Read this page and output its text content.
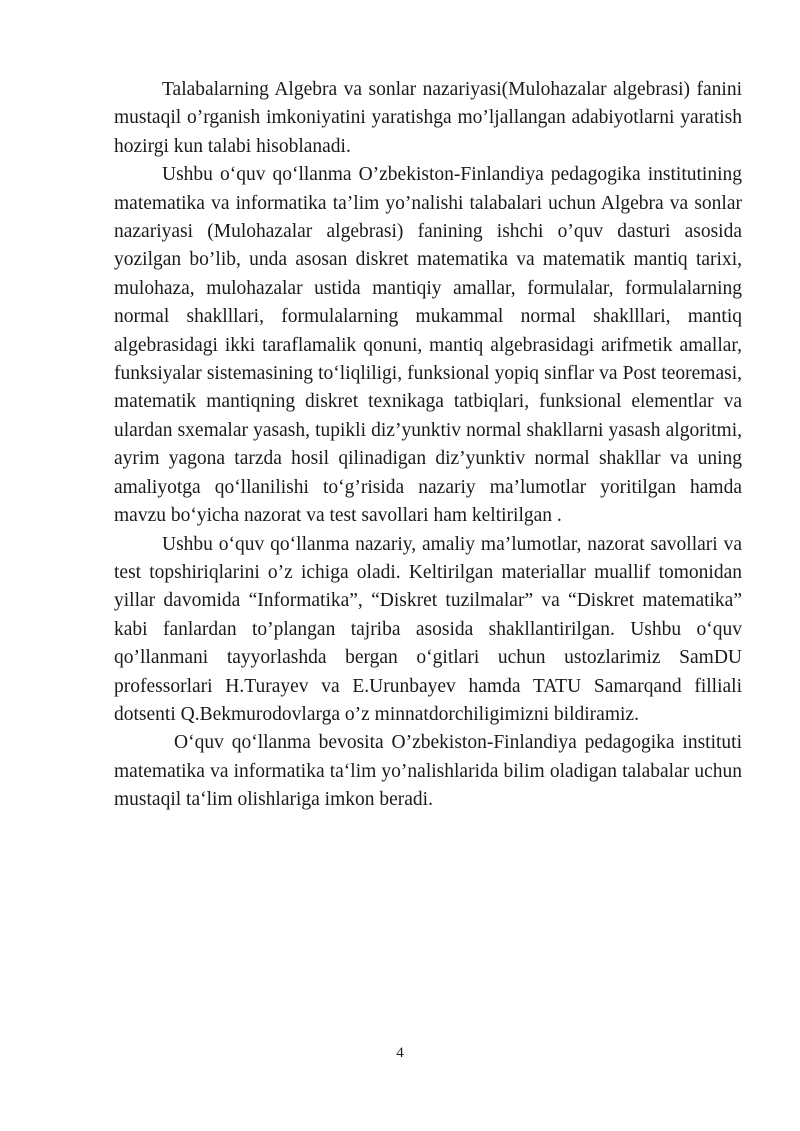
Talabalarning Algebra va sonlar nazariyasi(Mulohazalar algebrasi) fanini mustaqil o’rganish imkoniyatini yaratishga mo’ljallangan adabiyotlarni yaratish hozirgi kun talabi hisoblanadi.

Ushbu o‘quv qo‘llanma O’zbekiston-Finlandiya pedagogika institutining matematika va informatika ta’lim yo’nalishi talabalari uchun Algebra va sonlar nazariyasi (Mulohazalar algebrasi) fanining ishchi o’quv dasturi asosida yozilgan bo’lib, unda asosan diskret matematika va matematik mantiq tarixi, mulohaza, mulohazalar ustida mantiqiy amallar, formulalar, formulalarning normal shaklllari, formulalarning mukammal normal shaklllari, mantiq algebrasidagi ikki taraflamalik qonuni, mantiq algebrasidagi arifmetik amallar, funksiyalar sistemasining to‘liqliligi, funksional yopiq sinflar va Post teoremasi, matematik mantiqning diskret texnikaga tatbiqlari, funksional elementlar va ulardan sxemalar yasash, tupikli diz’yunktiv normal shakllarni yasash algoritmi, ayrim yagona tarzda hosil qilinadigan diz’yunktiv normal shakllar va uning amaliyotga qo‘llanilishi to‘g’risida nazariy ma’lumotlar yoritilgan hamda mavzu bo‘yicha nazorat va test savollari ham keltirilgan .

Ushbu o‘quv qo‘llanma nazariy, amaliy ma’lumotlar, nazorat savollari va test topshiriqlarini o’z ichiga oladi. Keltirilgan materiallar muallif tomonidan yillar davomida “Informatika”, “Diskret tuzilmalar” va “Diskret matematika” kabi fanlardan to’plangan tajriba asosida shakllantirilgan. Ushbu o‘quv qo’llanmani tayyorlashda bergan o‘gitlari uchun ustozlarimiz SamDU professorlari H.Turayev va E.Urunbayev hamda TATU Samarqand filliali dotsenti Q.Bekmurodovlarga o’z minnatdorchiligimizni bildiramiz.

O‘quv qo‘llanma bevosita O’zbekiston-Finlandiya pedagogika instituti matematika va informatika ta‘lim yo’nalishlarida bilim oladigan talabalar uchun mustaqil ta‘lim olishlariga imkon beradi.

4
